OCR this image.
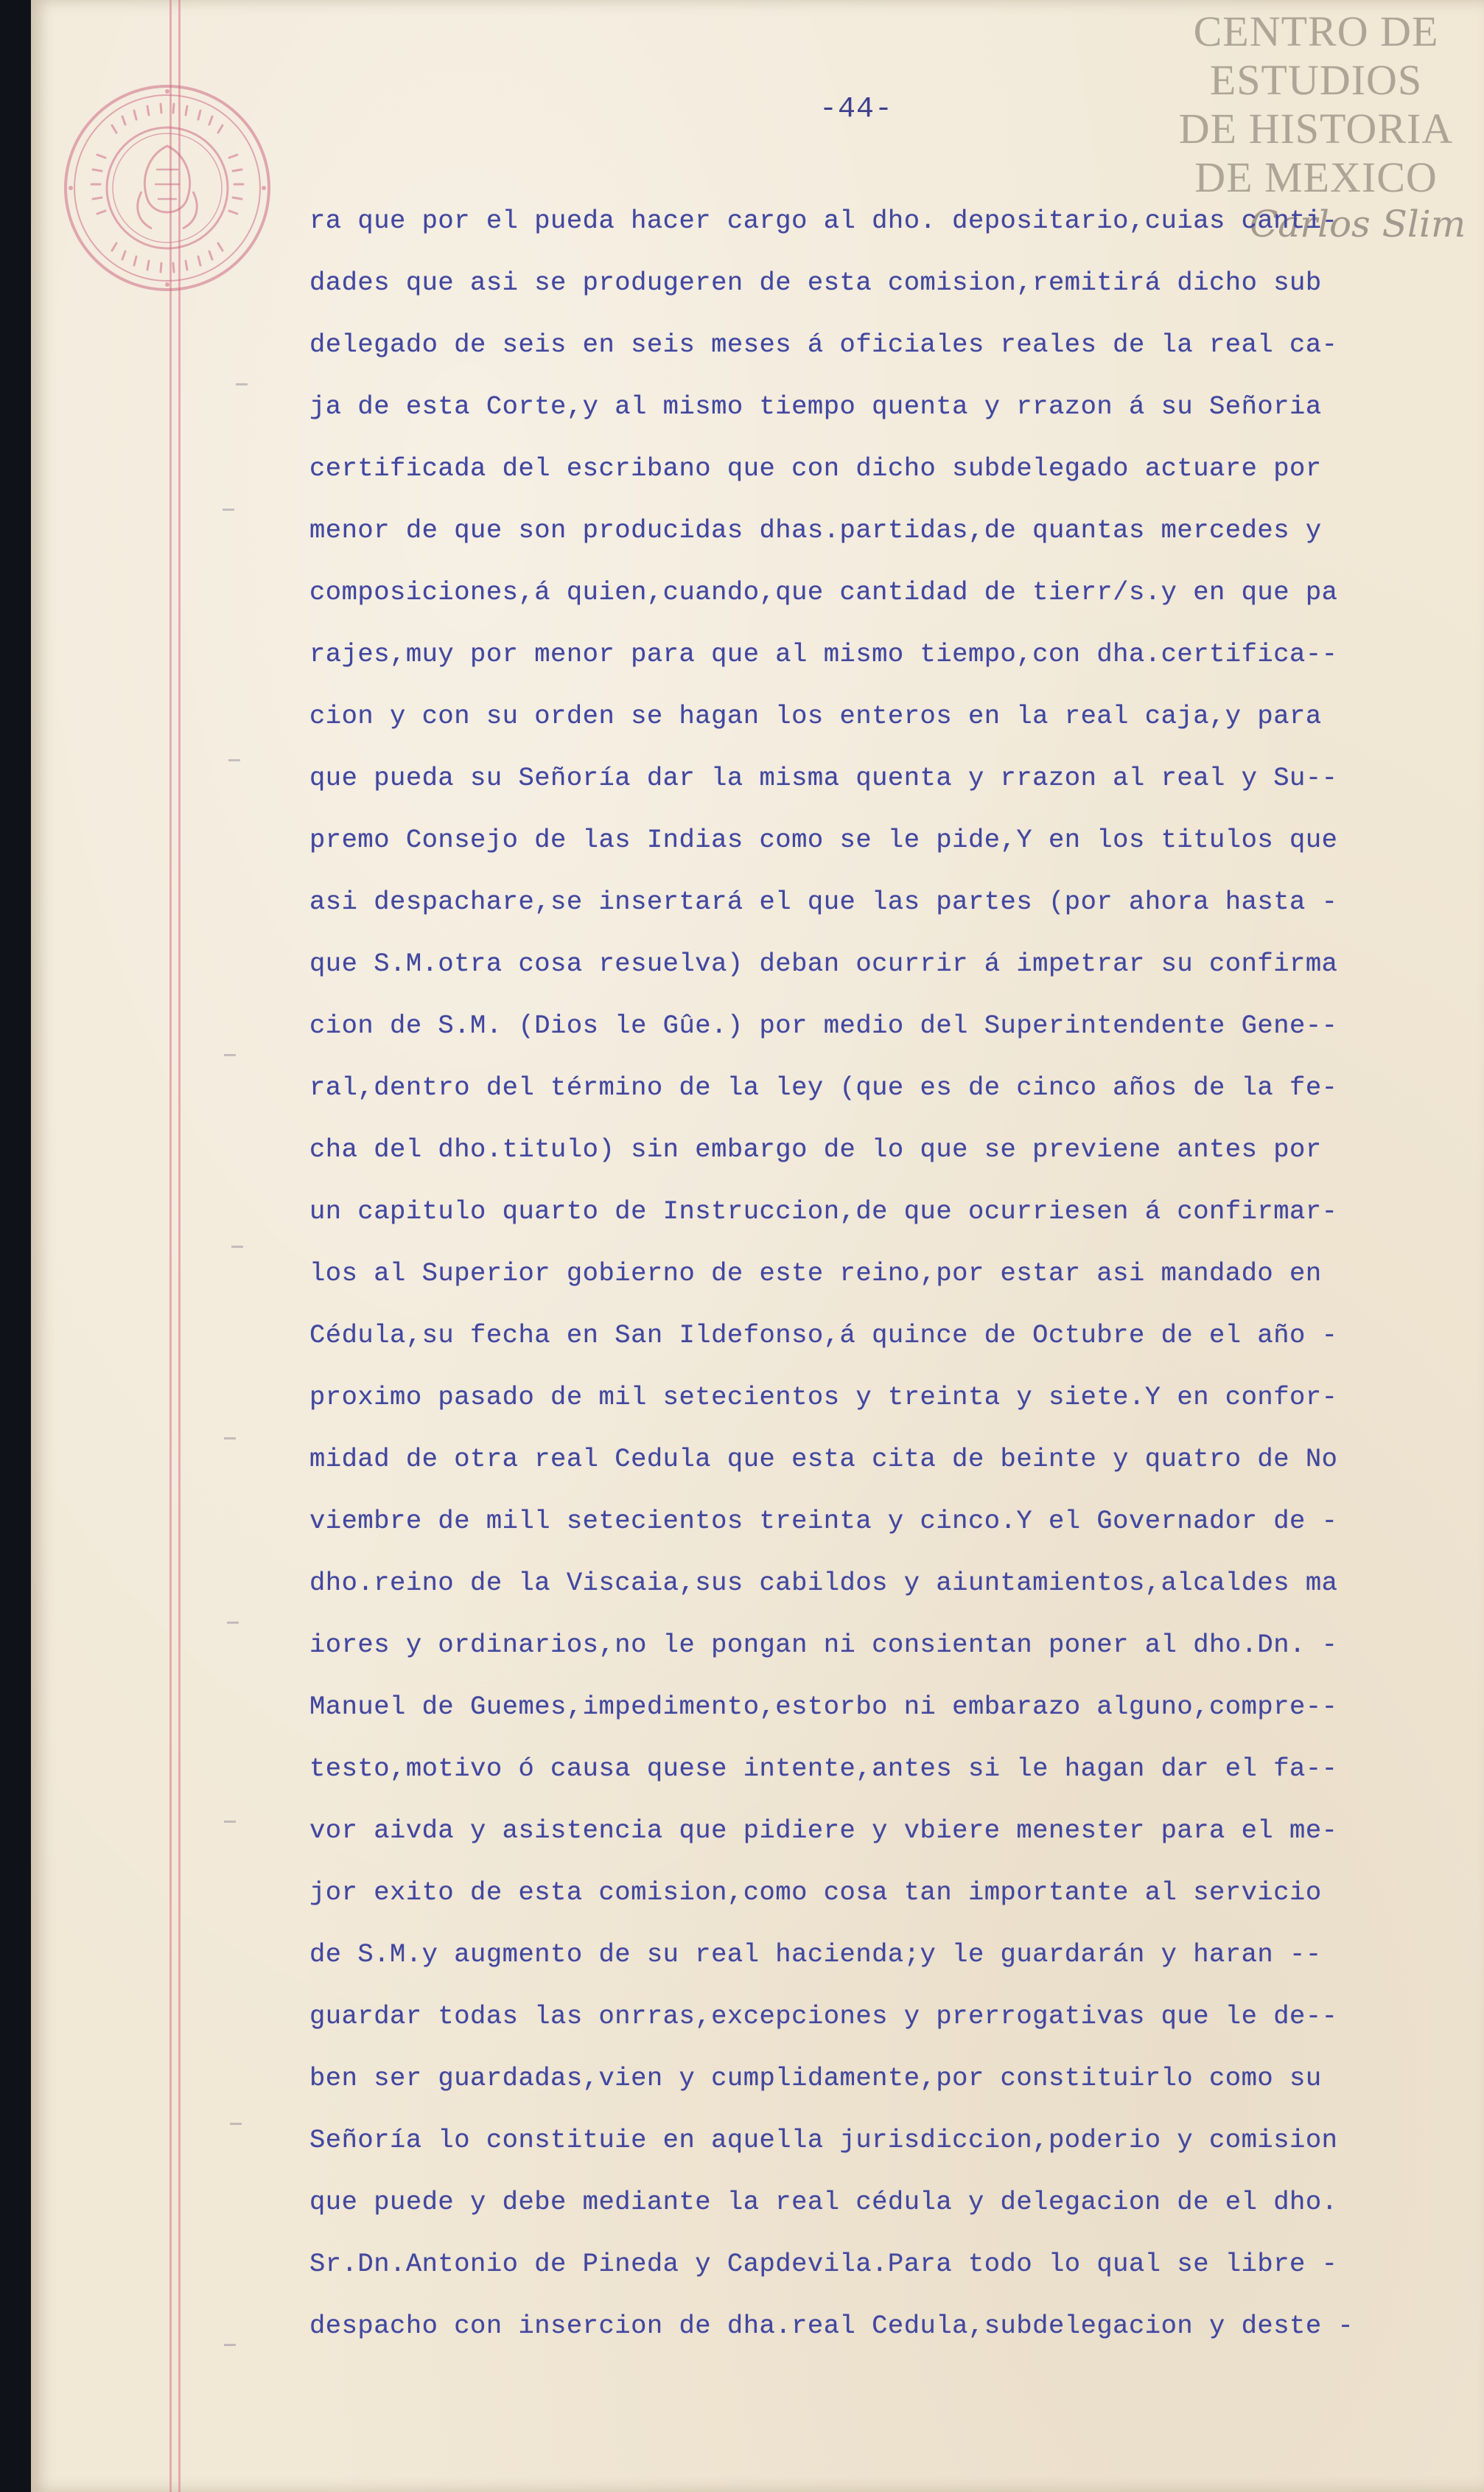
CENTRO DE
ESTUDIOS
DE HISTORIA
DE MEXICO
Carlos Slim
-44-
ra que por el pueda hacer cargo al dho. depositario,cuias canti-
dades que asi se produgeren de esta comision,remitirá dicho sub
delegado de seis en seis meses á oficiales reales de la real ca-
ja de esta Corte,y al mismo tiempo quenta y rrazon á su Señoria
certificada del escribano que con dicho subdelegado actuare por
menor de que son producidas dhas.partidas,de quantas mercedes y
composiciones,á quien,cuando,que cantidad de tierr/s.y en que pa
rajes,muy por menor para que al mismo tiempo,con dha.certifica--
cion y con su orden se hagan los enteros en la real caja,y para
que pueda su Señoría dar la misma quenta y rrazon al real y Su--
premo Consejo de las Indias como se le pide,Y en los titulos que
asi despachare,se insertará el que las partes (por ahora hasta -
que S.M.otra cosa resuelva) deban ocurrir á impetrar su confirma
cion de S.M. (Dios le Gûe.) por medio del Superintendente Gene--
ral,dentro del término de la ley (que es de cinco años de la fe-
cha del dho.titulo) sin embargo de lo que se previene antes por
un capitulo quarto de Instruccion,de que ocurriesen á confirmar-
los al Superior gobierno de este reino,por estar asi mandado en
Cédula,su fecha en San Ildefonso,á quince de Octubre de el año -
proximo pasado de mil setecientos y treinta y siete.Y en confor-
midad de otra real Cedula que esta cita de beinte y quatro de No
viembre de mill setecientos treinta y cinco.Y el Governador de -
dho.reino de la Viscaia,sus cabildos y aiuntamientos,alcaldes ma
iores y ordinarios,no le pongan ni consientan poner al dho.Dn. -
Manuel de Guemes,impedimento,estorbo ni embarazo alguno,compre--
testo,motivo ó causa quese intente,antes si le hagan dar el fa--
vor aivda y asistencia que pidiere y vbiere menester para el me-
jor exito de esta comision,como cosa tan importante al servicio
de S.M.y augmento de su real hacienda;y le guardarán y haran --
guardar todas las onrras,excepciones y prerrogativas que le de--
ben ser guardadas,vien y cumplidamente,por constituirlo como su
Señoría lo constituie en aquella jurisdiccion,poderio y comision
que puede y debe mediante la real cédula y delegacion de el dho.
Sr.Dn.Antonio de Pineda y Capdevila.Para todo lo qual se libre -
despacho con insercion de dha.real Cedula,subdelegacion y deste -
